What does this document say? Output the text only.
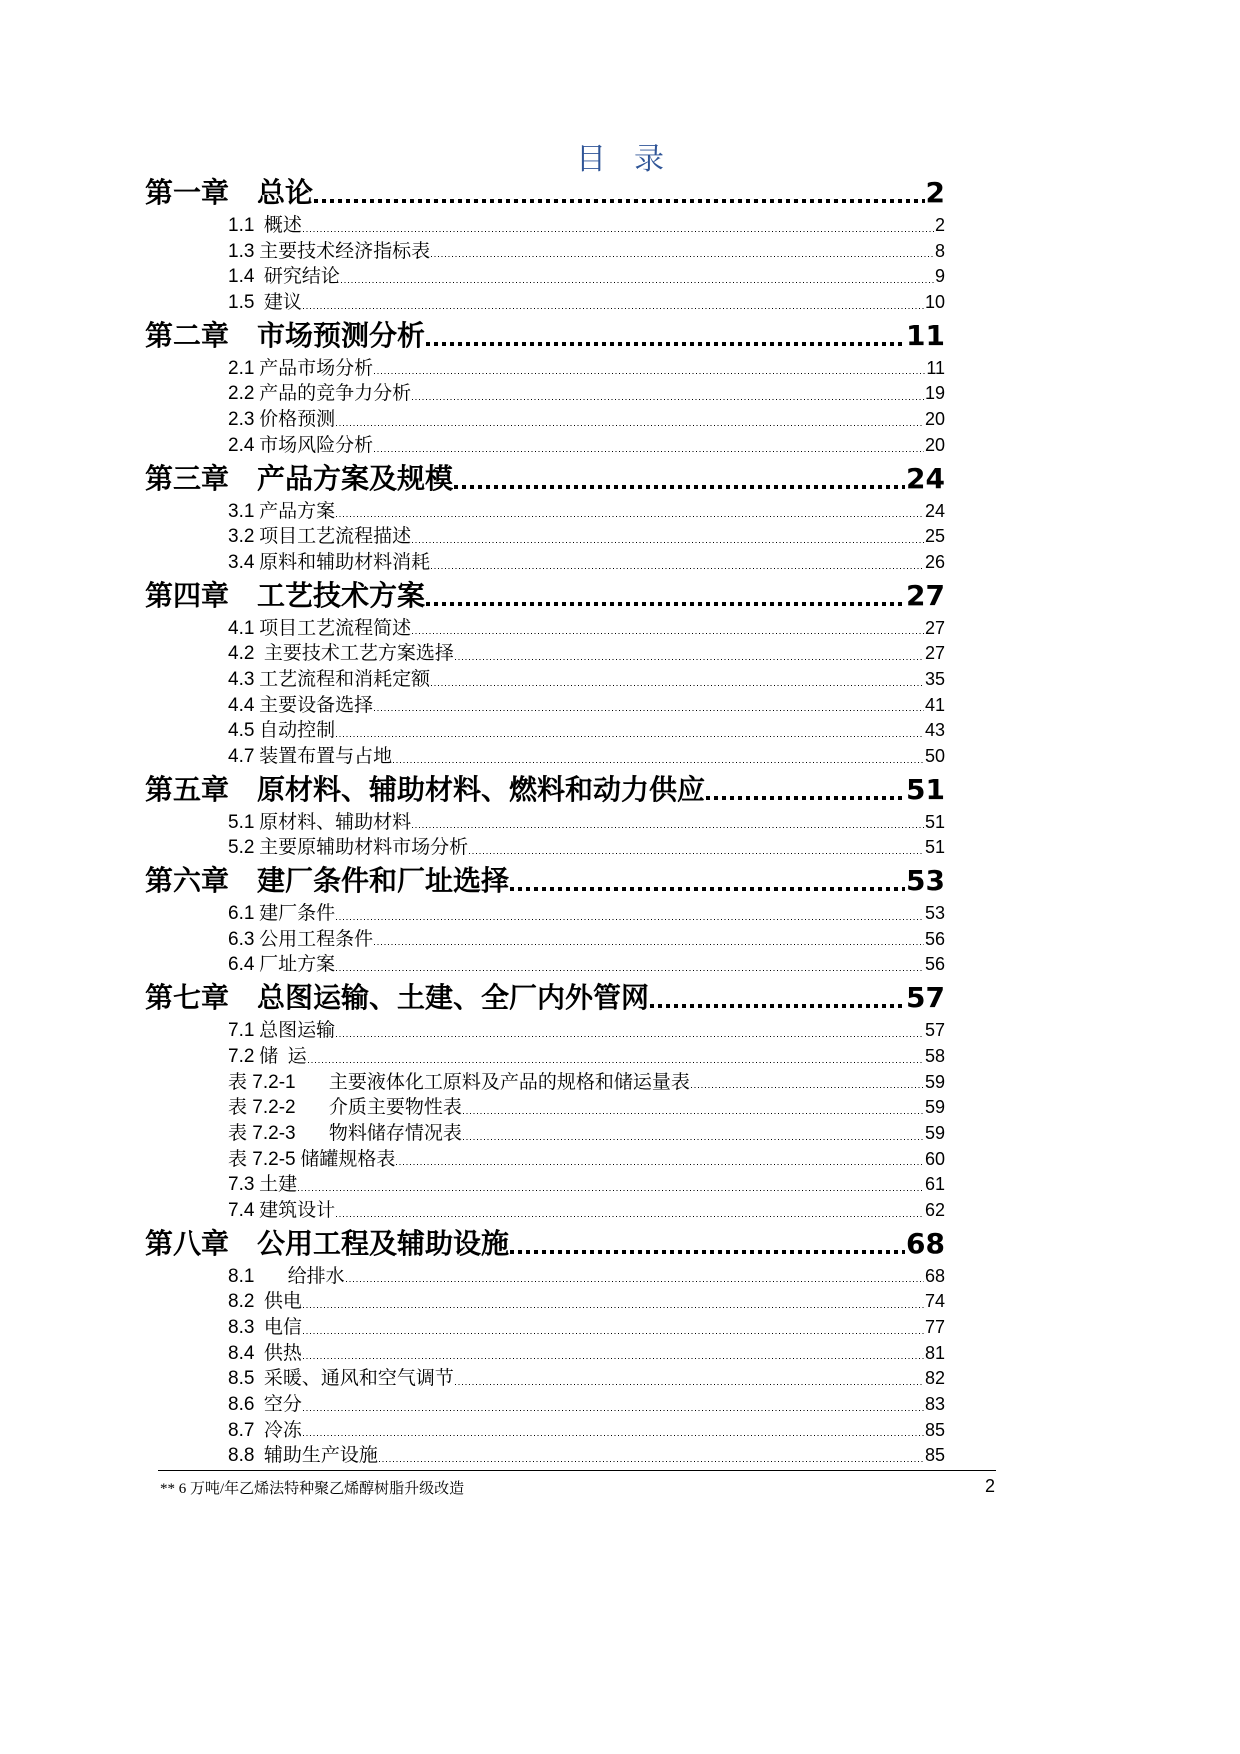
目录
第一章　总论	2
1.1 概述	2
1.3 主要技术经济指标表	8
1.4 研究结论	9
1.5 建议	10
第二章　市场预测分析	11
2.1 产品市场分析	11
2.2 产品的竞争力分析	19
2.3 价格预测	20
2.4 市场风险分析	20
第三章　产品方案及规模	24
3.1 产品方案	24
3.2 项目工艺流程描述	25
3.4 原料和辅助材料消耗	26
第四章　工艺技术方案	27
4.1 项目工艺流程简述	27
4.2 主要技术工艺方案选择	27
4.3 工艺流程和消耗定额	35
4.4 主要设备选择	41
4.5 自动控制	43
4.7 装置布置与占地	50
第五章　原材料、辅助材料、燃料和动力供应	51
5.1 原材料、辅助材料	51
5.2 主要原辅助材料市场分析	51
第六章　建厂条件和厂址选择	53
6.1 建厂条件	53
6.3 公用工程条件	56
6.4 厂址方案	56
第七章　总图运输、土建、全厂内外管网	57
7.1 总图运输	57
7.2 储  运	58
表 7.2-1 主要液体化工原料及产品的规格和储运量表	59
表 7.2-2 介质主要物性表	59
表 7.2-3 物料储存情况表	59
表 7.2-5 储罐规格表	60
7.3 土建	61
7.4 建筑设计	62
第八章　公用工程及辅助设施	68
8.1 给排水	68
8.2 供电	74
8.3 电信	77
8.4 供热	81
8.5 采暖、通风和空气调节	82
8.6 空分	83
8.7 冷冻	85
8.8 辅助生产设施	85
** 6 万吨/年乙烯法特种聚乙烯醇树脂升级改造	2
